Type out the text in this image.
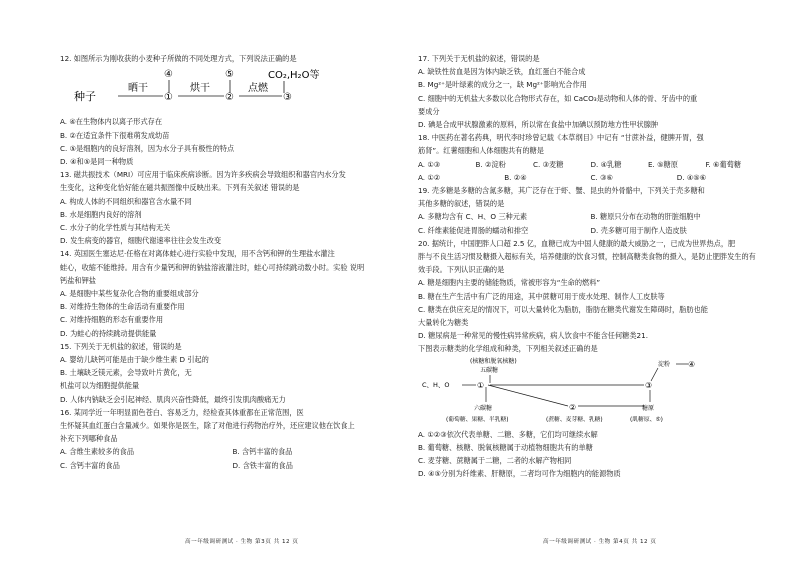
12. 如图所示为刚收获的小麦种子所做的不同处理方式，下列说法正确的是
④	⑤	CO₂,H₂O等
种子
晒干
①
烘干
②
点燃
③
A. ④在生物体内以离子形式存在
B. ②在适宜条件下很难萌发成幼苗
C. ⑤是细胞内的良好溶剂，因为水分子具有极性的特点
D. ④和⑤是同一种物质
13. 磁共振技术（MRI）可应用于临床疾病诊断。因为许多疾病会导致组织和器官内水分发
生变化，这种变化恰好能在磁共振图像中反映出来。下列有关叙述 错误的是
A. 构成人体的不同组织和器官含水量不同
B. 水是细胞内良好的溶剂
C. 水分子的化学性质与其结构无关
D. 发生病变的器官，细胞代谢速率往往会发生改变
14. 英国医生塞达尼·任格在对离体蛙心进行实验中发现，用不含钙和钾的生理盐水灌注
蛙心，收缩不能维持。用含有少量钙和钾的钠盐溶液灌注时，蛙心可持续跳动数小时。实验 说明
钙盐和钾盐
A. 是细胞中某些复杂化合物的重要组成部分
B. 对维持生物体的生命活动有重要作用
C. 对维持细胞的形态有重要作用
D. 为蛙心的持续跳动提供能量
15. 下列关于无机盐的叙述，错误的是
A. 婴幼儿缺钙可能是由于缺少维生素 D 引起的
B. 土壤缺乏镁元素，会导致叶片黄化，无
机盐可以为细胞提供能量
D. 人体内钠缺乏会引起神经、肌肉兴奋性降低，最终引发肌肉酸痛无力
16. 某同学近一年明显面色苍白、容易乏力，经检查其体重都在正常范围，医
生怀疑其血红蛋白含量减少。如果你是医生，除了对他进行药物治疗外，还应建议他在饮食上
补充下列哪种食品
A. 含维生素较多的食品	B. 含钙丰富的食品
C. 含钙丰富的食品	D. 含铁丰富的食品
17. 下列关于无机盐的叙述，错误的是
A. 缺铁性贫血是因为体内缺乏铁，血红蛋白不能合成
B. Mg²⁺是叶绿素的成分之一，缺 Mg²⁺影响光合作用
C. 细胞中的无机盐大多数以化合物形式存在，如 CaCO₃是动物和人体的骨、牙齿中的重
要成分
D. 碘是合成甲状腺激素的原料，所以常在食盐中加碘以预防地方性甲状腺肿
18. 中医药在著名药典，明代李时珍曾记载《本草纲目》中记有 “甘蔗补益，健脾开胃，强
筋肾”。红薯细胞和人体细胞共有的糖是
A. ①③	B. ②淀粉	C. ③麦糖	D. ④乳糖	E. ⑤糖原	F. ⑥葡萄糖
A. ①②	B. ②④	C. ③⑥	D. ④⑤⑥
19. 壳多糖是多糖的含氮多糖，其广泛存在于虾、蟹、昆虫的外骨骼中，下列关于壳多糖和
其他多糖的叙述，错误的是
A. 多糖均含有 C、H、O 三种元素	B. 糖原只分布在动物的肝脏细胞中
C. 纤维素能促进胃肠的蠕动和排空	D. 壳多糖可用于制作人造皮肤
20. 据统计，中国肥胖人口超 2.5 亿，血糖已成为中国人健康的最大威胁之一，已成为世界热点，肥
胖与不良生活习惯及糖摄入超标有关，培养健康的饮食习惯，控制高糖类食物的摄入，是防止肥胖发生的有
效手段。下列认识正确的是
A. 糖是细胞内主要的储能物质，常被形容为“生命的燃料”
B. 糖在生产生活中有广泛的用途，其中蔗糖可用于废水处理、制作人工皮肤等
C. 糖类在供应充足的情况下，可以大量转化为脂肪，脂肪在糖类代谢发生障碍时，脂肪也能
大量转化为糖类
D. 糖尿病是一种常见的慢性病异常疾病，病人饮食中不能含任何糖类21.
下图表示糖类的化学组成和种类，下列相关叙述正确的是
(核糖和脱氧核糖)
五碳糖
C、H、O	①
②
③
淀粉 ④
糖原
六碳糖
(葡萄糖、果糖、半乳糖)	(蔗糖、麦芽糖、乳糖)	(肌糖原、⑤)
A. ①②③依次代表单糖、二糖、多糖，它们均可继续水解
B. 葡萄糖、核糖、脱氧核糖属于动植物细胞共有的单糖
C. 麦芽糖、蔗糖属于二糖，二者的水解产物相同
D. ④⑤分别为纤维素、肝糖原，二者均可作为细胞内的能源物质
高一年级调研测试 · 生物 第3页 共 12 页	高一年级调研测试 · 生物 第4页 共 12 页
